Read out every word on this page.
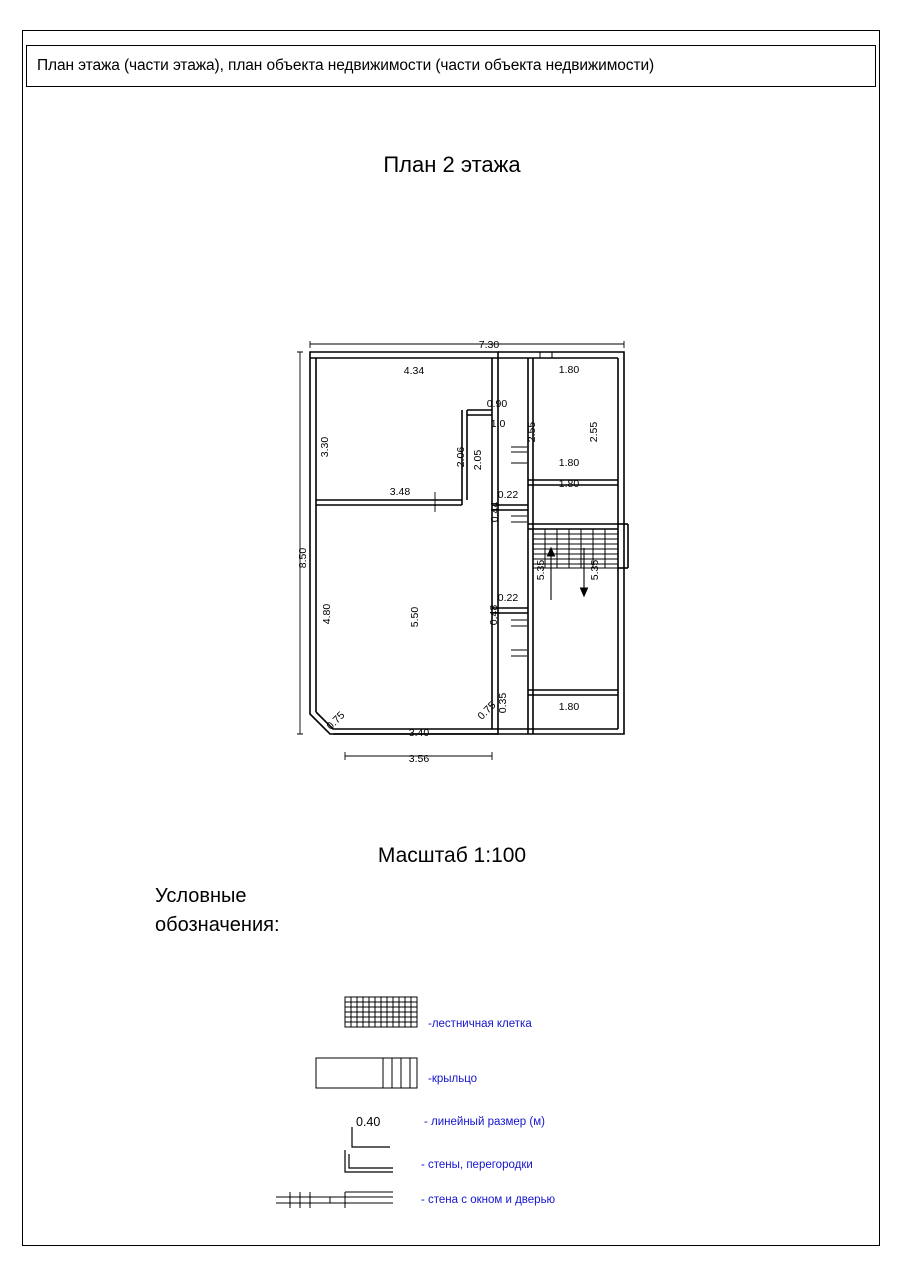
План этажа (части этажа), план объекта недвижимости (части объекта недвижимости)
План 2 этажа
7.30
4.34	1.80
0.90
1.0 2.55	2.55
3.30	2.06 2.05	1.80
1.80
3.48	0.22
0.44
8.50
5.35	5.35
4.80	5.50
0.22
0.48
0.35
0.75	0.75	1.80
3.40
3.56
Условные
обозначения:
0.40
-лестничная клетка
-крыльцо
- линейный размер (м)
- стены, перегородки
- стена с окном и дверью
Масштаб 1:100
